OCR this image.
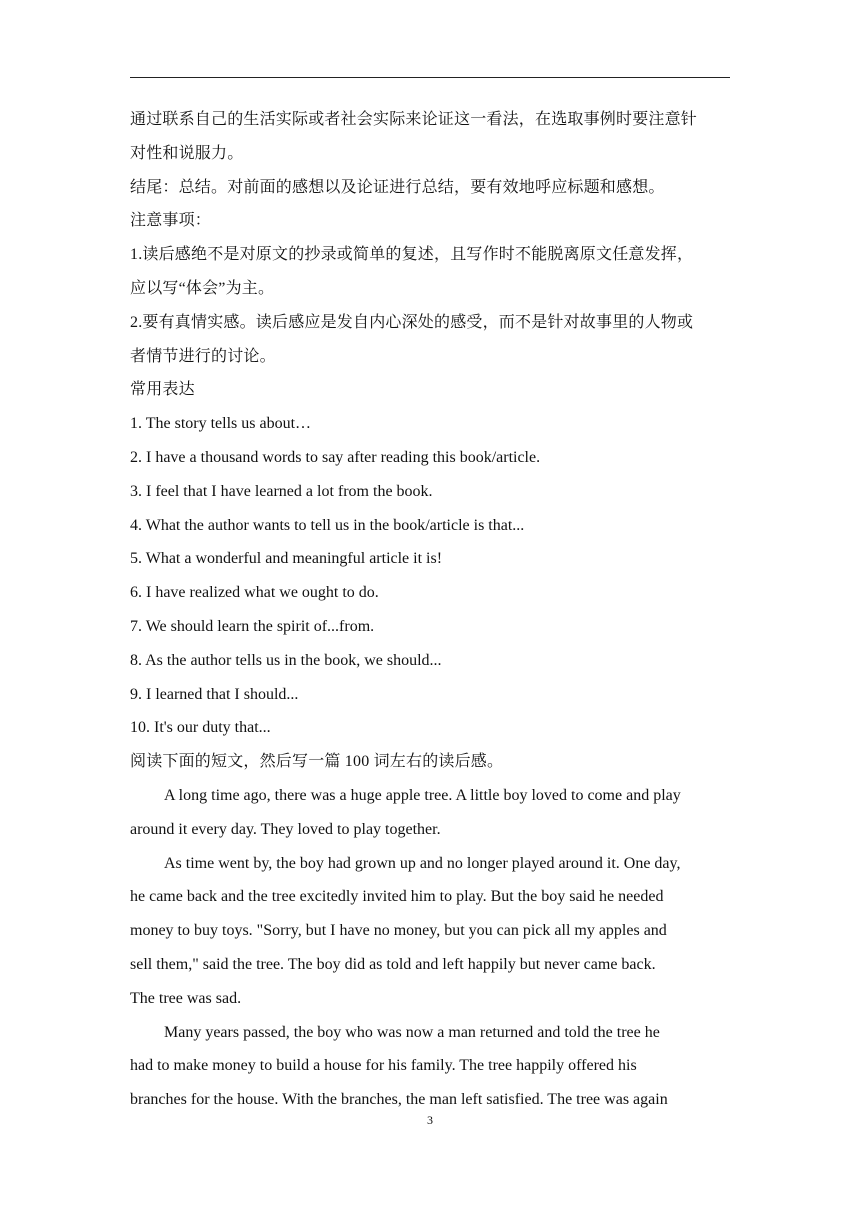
通过联系自己的生活实际或者社会实际来论证这一看法，在选取事例时要注意针
对性和说服力。
结尾：总结。对前面的感想以及论证进行总结，要有效地呼应标题和感想。
注意事项：
1.读后感绝不是对原文的抄录或简单的复述，且写作时不能脱离原文任意发挥，
应以写“体会”为主。
2.要有真情实感。读后感应是发自内心深处的感受，而不是针对故事里的人物或
者情节进行的讨论。
常用表达
1. The story tells us about…
2. I have a thousand words to say after reading this book/article.
3. I feel that I have learned a lot from the book.
4. What the author wants to tell us in the book/article is that...
5. What a wonderful and meaningful article it is!
6. I have realized what we ought to do.
7. We should learn the spirit of...from.
8. As the author tells us in the book, we should...
9. I learned that I should...
10. It's our duty that...
阅读下面的短文，然后写一篇 100 词左右的读后感。
A long time ago, there was a huge apple tree. A little boy loved to come and play
around it every day. They loved to play together.
As time went by, the boy had grown up and no longer played around it. One day,
he came back and the tree excitedly invited him to play. But the boy said he needed
money to buy toys. "Sorry, but I have no money, but you can pick all my apples and
sell them," said the tree. The boy did as told and left happily but never came back.
The tree was sad.
Many years passed, the boy who was now a man returned and told the tree he
had to make money to build a house for his family. The tree happily offered his
branches for the house. With the branches, the man left satisfied. The tree was again
3
